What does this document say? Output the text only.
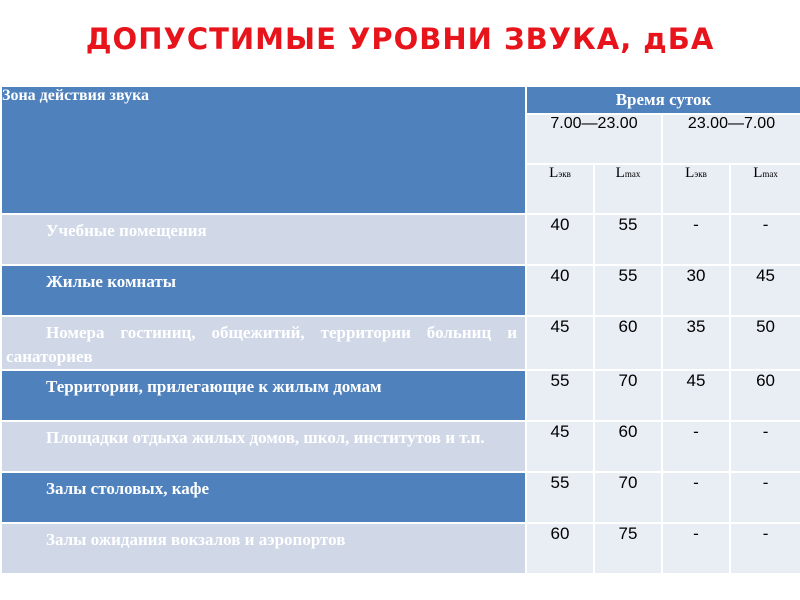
ДОПУСТИМЫЕ УРОВНИ ЗВУКА, дБА
Зона действия звука	Время суток			
	7.00—23.00		23.00—7.00	
	Lэкв	Lmax	Lэкв	Lmax

Учебные помещения	40	55	-	-

Жилые комнаты	40	55	30	45

Номера гостиниц, общежитий, территории больниц и санаториев	45	60	35	50

Территории, прилегающие к жилым домам	55	70	45	60

Площадки отдыха жилых домов, школ, институтов и т.п.	45	60	-	-

Залы столовых, кафе	55	70	-	-

Залы ожидания вокзалов и аэропортов	60	75	-	-
